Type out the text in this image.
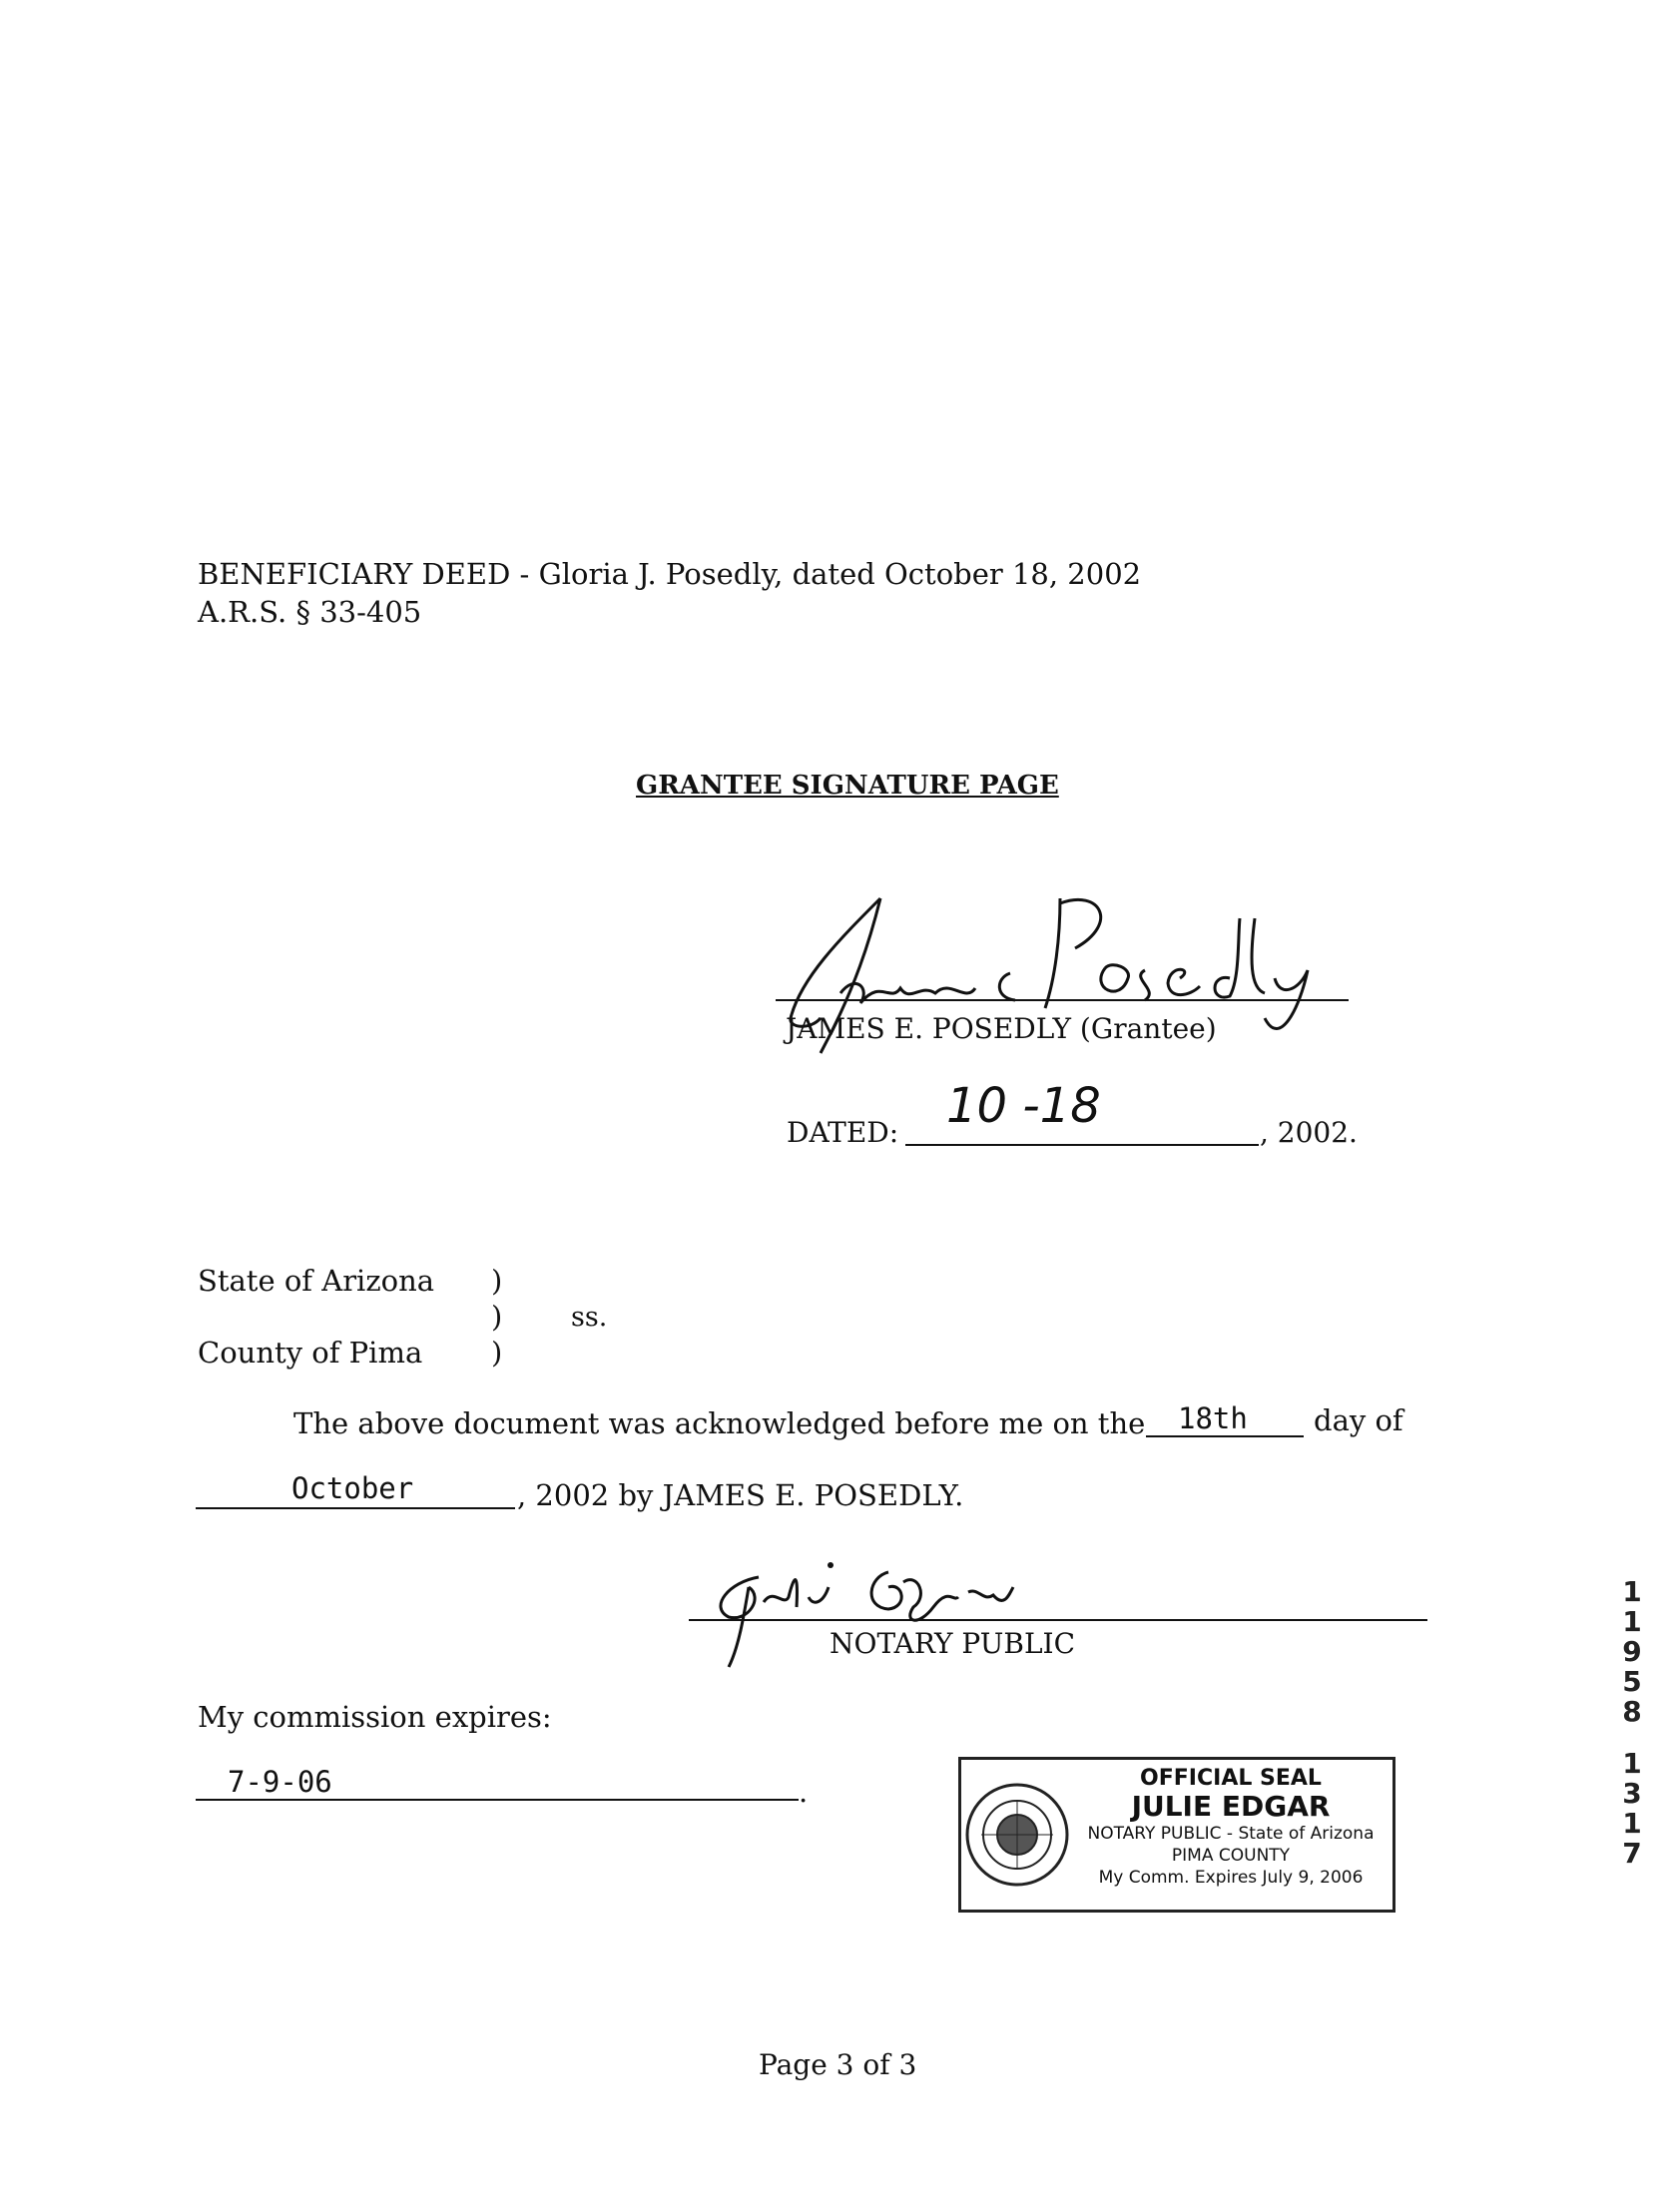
BENEFICIARY DEED - Gloria J. Posedly, dated October 18, 2002
A.R.S. § 33-405
GRANTEE SIGNATURE PAGE
JAMES E. POSEDLY (Grantee)
DATED: 10 -18	, 2002.
State of Arizona )
)	ss.
County of Pima )
The above document was acknowledged before me on the 18th day of
October	, 2002 by JAMES E. POSEDLY.
NOTARY PUBLIC
My commission expires:
7-9-06	.	OFFICIAL SEAL
JULIE EDGAR
NOTARY PUBLIC - State of Arizona
PIMA COUNTY
My Comm. Expires July 9, 2006
1
1
9
5
8
1
3
1
7
Page 3 of 3
